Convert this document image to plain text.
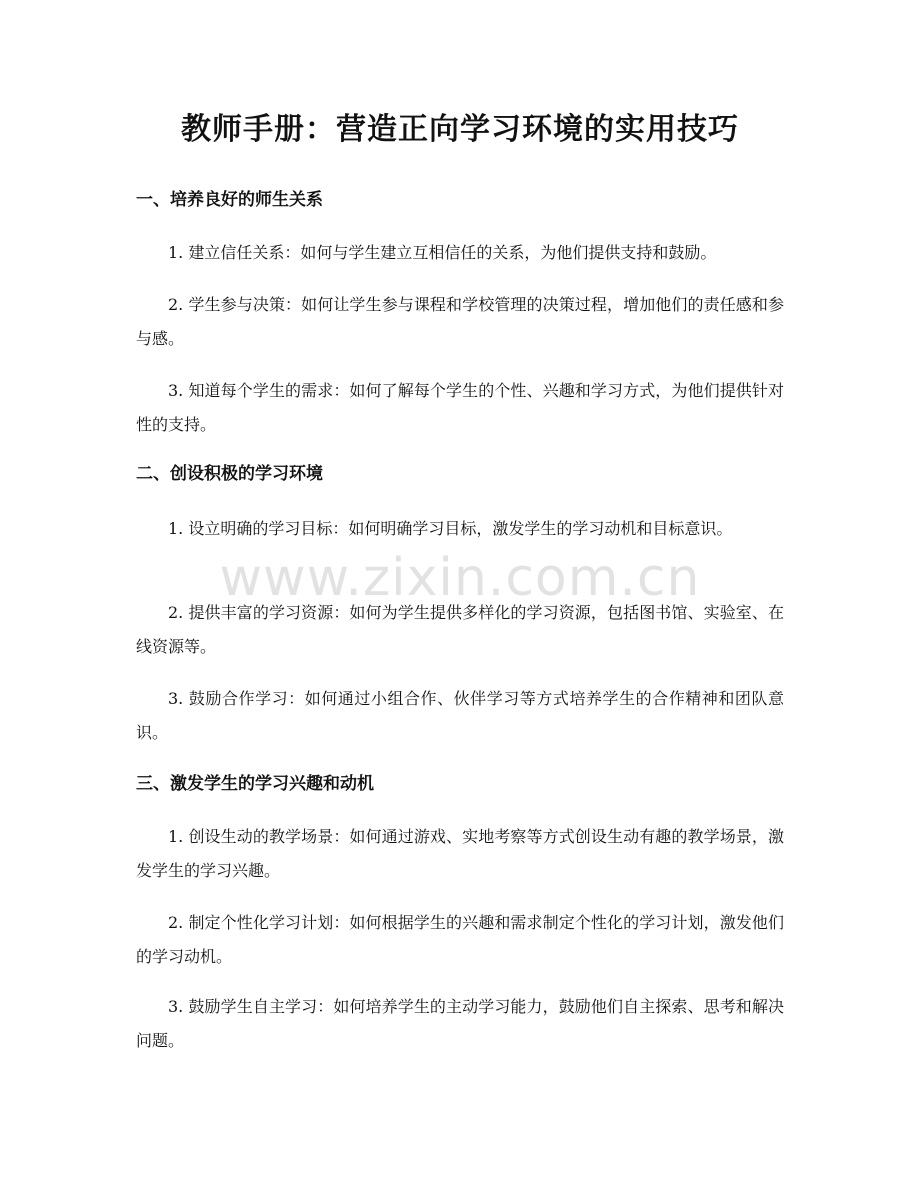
教师手册：营造正向学习环境的实用技巧
一、培养良好的师生关系

1. 建立信任关系：如何与学生建立互相信任的关系，为他们提供支持和鼓励。

2. 学生参与决策：如何让学生参与课程和学校管理的决策过程，增加他们的责任感和参与感。

3. 知道每个学生的需求：如何了解每个学生的个性、兴趣和学习方式，为他们提供针对性的支持。

二、创设积极的学习环境

1. 设立明确的学习目标：如何明确学习目标，激发学生的学习动机和目标意识。

2. 提供丰富的学习资源：如何为学生提供多样化的学习资源，包括图书馆、实验室、在线资源等。

3. 鼓励合作学习：如何通过小组合作、伙伴学习等方式培养学生的合作精神和团队意识。

三、激发学生的学习兴趣和动机

1. 创设生动的教学场景：如何通过游戏、实地考察等方式创设生动有趣的教学场景，激发学生的学习兴趣。

2. 制定个性化学习计划：如何根据学生的兴趣和需求制定个性化的学习计划，激发他们的学习动机。

3. 鼓励学生自主学习：如何培养学生的主动学习能力，鼓励他们自主探索、思考和解决问题。

www.zixin.com.cn
